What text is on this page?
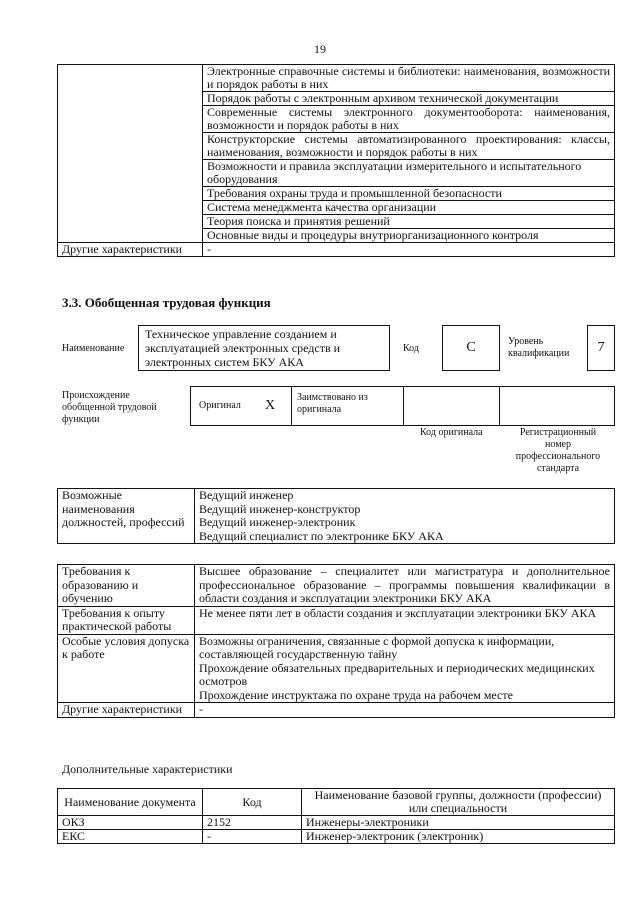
19
	Электронные справочные системы и библиотеки: наименования, возможности и порядок работы в них
	Порядок работы с электронным архивом технической документации
	Современные системы электронного документооборота: наименования, возможности и порядок работы в них
	Конструкторские системы автоматизированного проектирования: классы, наименования, возможности и порядок работы в них
	Возможности и правила эксплуатации измерительного и испытательного оборудования
	Требования охраны труда и промышленной безопасности
	Система менеджмента качества организации
	Теория поиска и принятия решений
	Основные виды и процедуры внутриорганизационного контроля
Другие характеристики	-
3.3. Обобщенная трудовая функция
Наименование
Техническое управление созданием и эксплуатацией электронных средств и электронных систем БКУ АКА
Код	С	Уровень квалификации	7
Происхождение обобщенной трудовой функции
Оригинал X
Заимствовано из оригинала
Код оригинала	Регистрационный номер профессионального стандарта
Возможные наименования должностей, профессий	Ведущий инженер
Ведущий инженер-конструктор
Ведущий инженер-электроник
Ведущий специалист по электронике БКУ АКА
Требования к образованию и обучению	Высшее образование – специалитет или магистратура и дополнительное профессиональное образование – программы повышения квалификации в области создания и эксплуатации электроники БКУ АКА
Требования к опыту практической работы	Не менее пяти лет в области создания и эксплуатации электроники БКУ АКА
Особые условия допуска к работе	Возможны ограничения, связанные с формой допуска к информации, составляющей государственную тайну
Прохождение обязательных предварительных и периодических медицинских осмотров
Прохождение инструктажа по охране труда на рабочем месте

Другие характеристики	-
Дополнительные характеристики
Наименование документа	Код	Наименование базовой группы, должности (профессии) или специальности
ОКЗ	2152	Инженеры-электроники
ЕКС	-	Инженер-электроник (электроник)
